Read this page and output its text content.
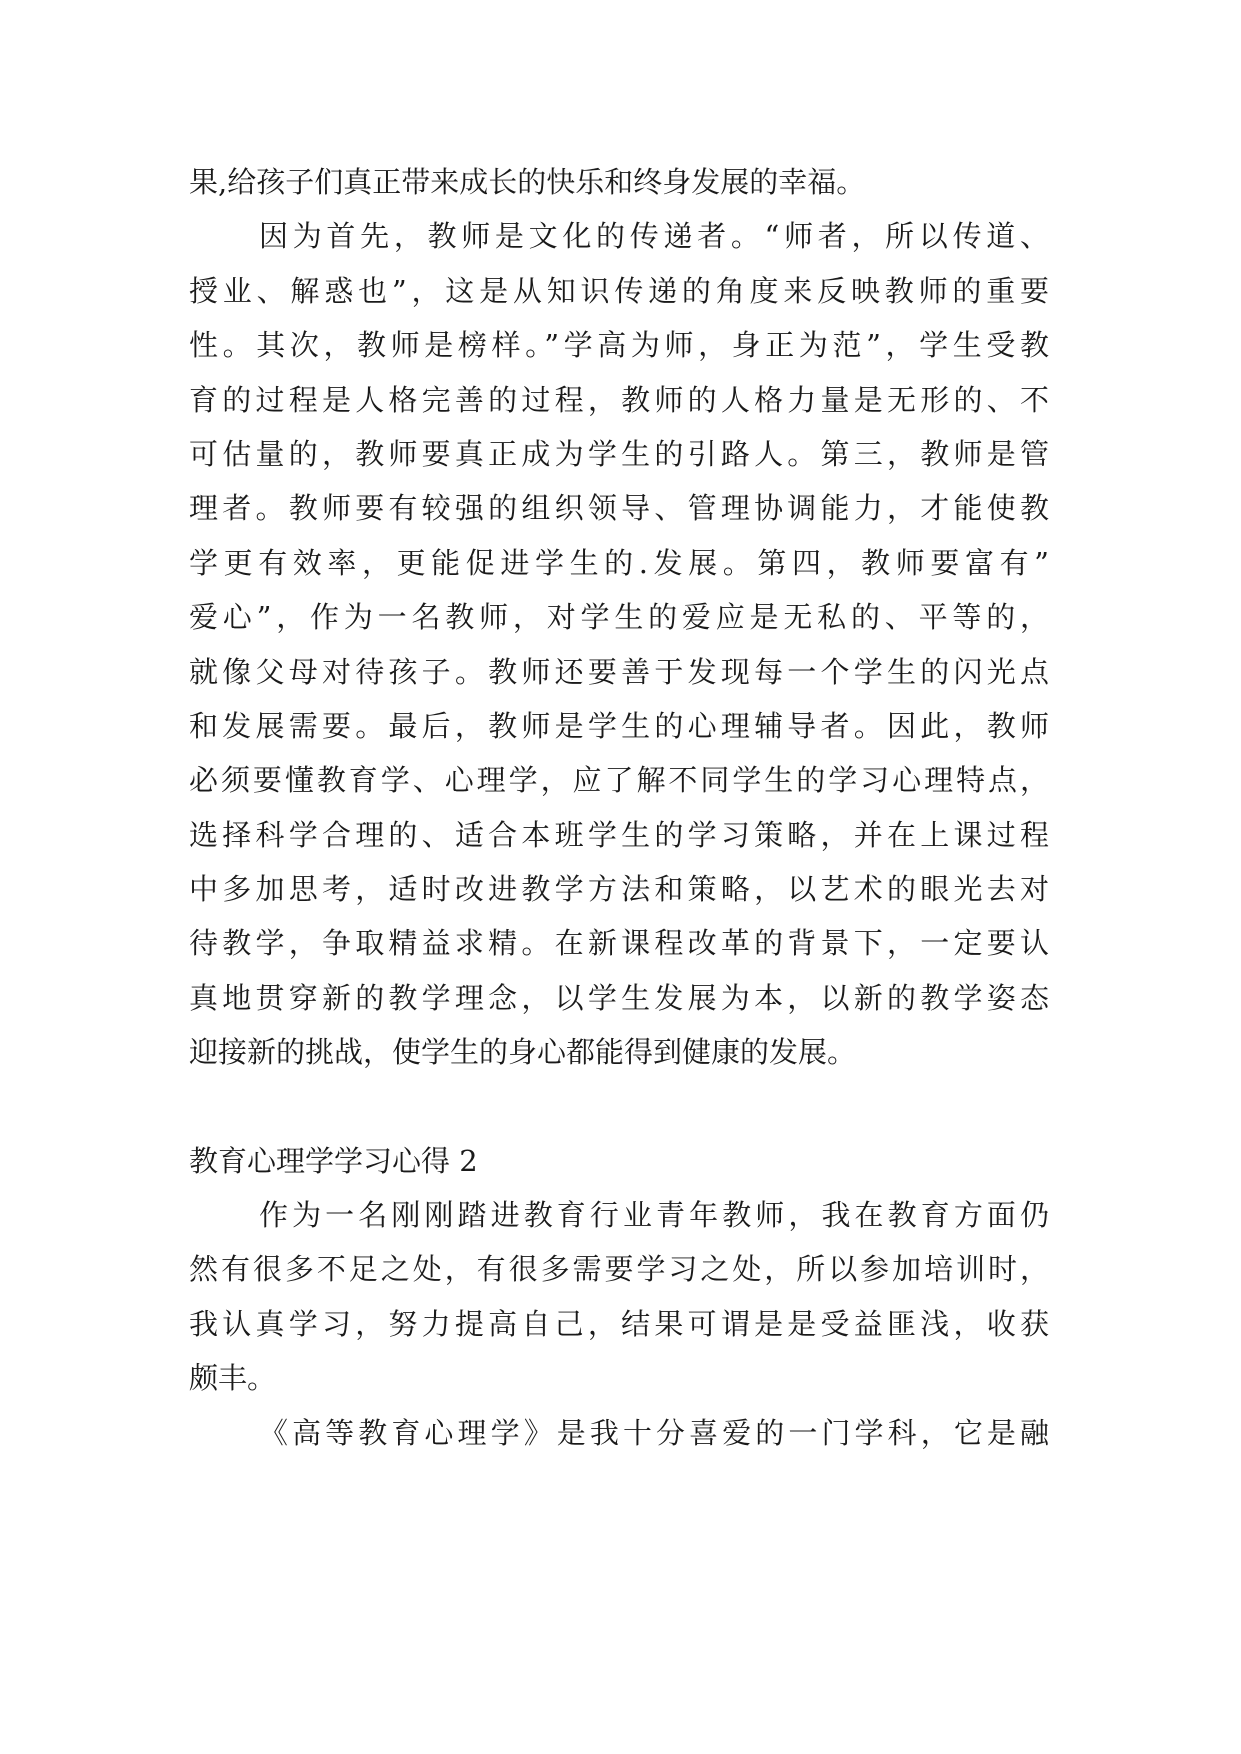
果,给孩子们真正带来成长的快乐和终身发展的幸福。
因为首先，教师是文化的传递者。“师者，所以传道、
授业、解惑也”，这是从知识传递的角度来反映教师的重要
性。其次，教师是榜样。”学高为师，身正为范”，学生受教
育的过程是人格完善的过程，教师的人格力量是无形的、不
可估量的，教师要真正成为学生的引路人。第三，教师是管
理者。教师要有较强的组织领导、管理协调能力，才能使教
学更有效率，更能促进学生的.发展。第四，教师要富有”
爱心”，作为一名教师，对学生的爱应是无私的、平等的，
就像父母对待孩子。教师还要善于发现每一个学生的闪光点
和发展需要。最后，教师是学生的心理辅导者。因此，教师
必须要懂教育学、心理学，应了解不同学生的学习心理特点，
选择科学合理的、适合本班学生的学习策略，并在上课过程
中多加思考，适时改进教学方法和策略，以艺术的眼光去对
待教学，争取精益求精。在新课程改革的背景下，一定要认
真地贯穿新的教学理念，以学生发展为本，以新的教学姿态
迎接新的挑战，使学生的身心都能得到健康的发展。
教育心理学学习心得 2
作为一名刚刚踏进教育行业青年教师，我在教育方面仍
然有很多不足之处，有很多需要学习之处，所以参加培训时，
我认真学习，努力提高自己，结果可谓是是受益匪浅，收获
颇丰。
《高等教育心理学》是我十分喜爱的一门学科，它是融
